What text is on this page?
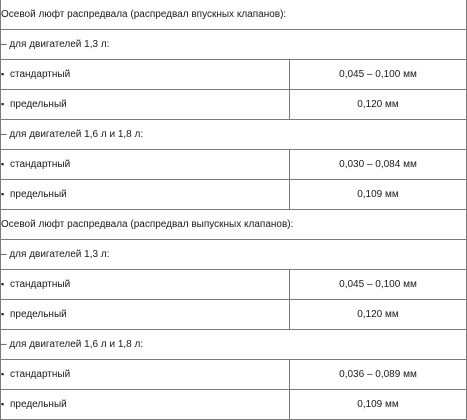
Осевой люфт распредвала (распредвал впускных клапанов):	
– для двигателей 1,3 л:	
▪ стандартный	0,045 – 0,100 мм
▪ предельный	0,120 мм
– для двигателей 1,6 л и 1,8 л:	
▪ стандартный	0,030 – 0,084 мм
▪ предельный	0,109 мм
Осевой люфт распредвала (распредвал выпускных клапанов):	
– для двигателей 1,3 л:	
▪ стандартный	0,045 – 0,100 мм
▪ предельный	0,120 мм
– для двигателей 1,6 л и 1,8 л:	
▪ стандартный	0,036 – 0,089 мм
▪ предельный	0,109 мм
